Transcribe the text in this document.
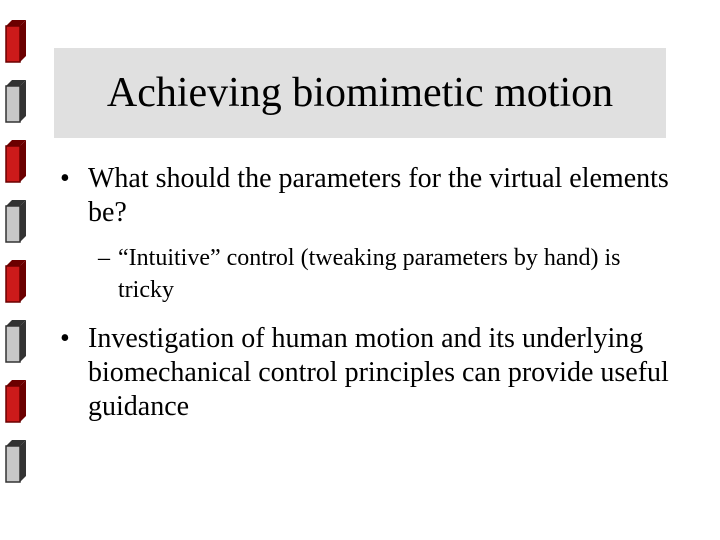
Achieving biomimetic motion

• What should the parameters for the virtual elements be?

– “Intuitive” control (tweaking parameters by hand) is tricky

• Investigation of human motion and its underlying biomechanical control principles can provide useful guidance
